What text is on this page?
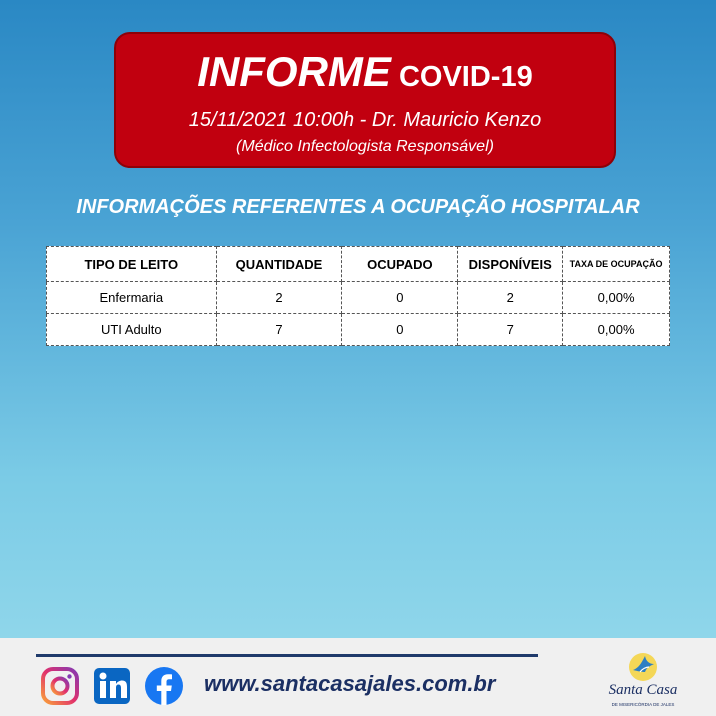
INFORME COVID-19
15/11/2021 10:00h - Dr. Mauricio Kenzo
(Médico Infectologista Responsável)
INFORMAÇÕES REFERENTES A OCUPAÇÃO HOSPITALAR
TIPO DE LEITO	QUANTIDADE	OCUPADO	DISPONÍVEIS	TAXA DE OCUPAÇÃO
Enfermaria	2	0	2	0,00%
UTI Adulto	7	0	7	0,00%
www.santacasajales.com.br	Santa Casa
DE MISERICÓRDIA DE JALES
